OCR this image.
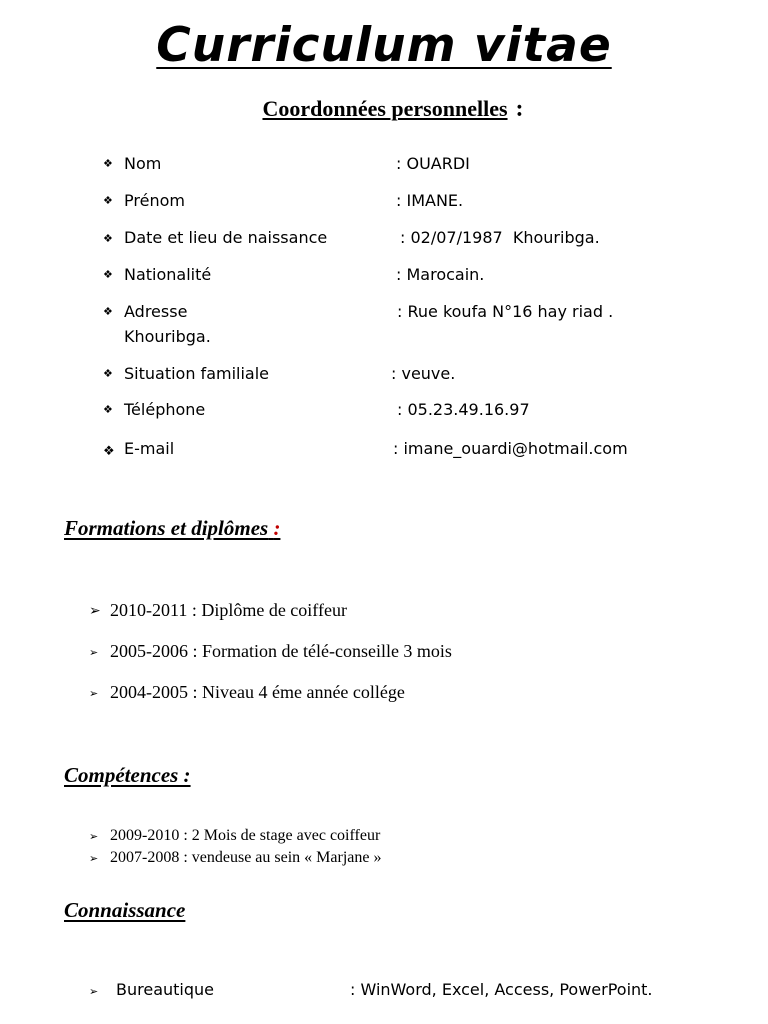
Curriculum vitae
Coordonnées personnelles :
❖ Nom	: OUARDI
❖ Prénom	: IMANE.
❖ Date et lieu de naissance	: 02/07/1987  Khouribga.
❖ Nationalité	: Marocain.
❖ Adresse	: Rue koufa N°16 hay riad .
Khouribga.
❖ Situation familiale	: veuve.
❖ Téléphone	: 05.23.49.16.97
❖ E-mail	: imane_ouardi@hotmail.com
Formations et diplômes :
➢ 2010-2011 : Diplôme de coiffeur
➢ 2005-2006 : Formation de télé-conseille 3 mois
➢ 2004-2005 : Niveau 4 éme année collége
Compétences :
➢ 2009-2010 : 2 Mois de stage avec coiffeur
➢ 2007-2008 : vendeuse au sein « Marjane »
Connaissance
➢ Bureautique	: WinWord, Excel, Access, PowerPoint.
